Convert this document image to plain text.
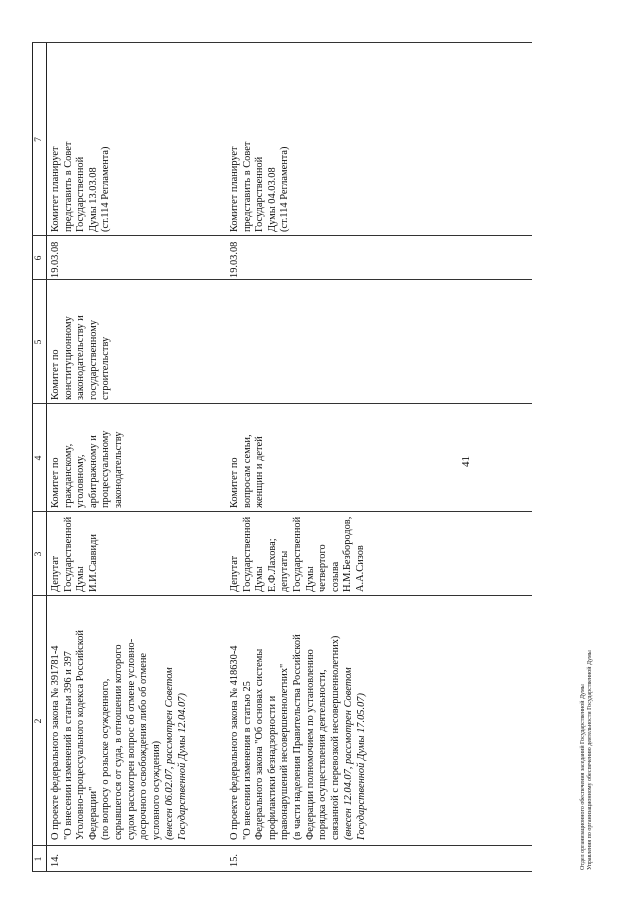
41
1
2
3
4
5
6
7
14.
О проекте федерального закона № 391781-4
"О внесении изменений в статьи 396 и 397
Уголовно-процессуального кодекса Российской
Федерации"
(по вопросу о розыске осужденного,
скрывшегося от суда, в отношении которого
судом рассмотрен вопрос об отмене условно-
досрочного освобождения либо об отмене
условного осуждения)
(внесен 06.02.07, рассмотрен Советом
Государственной Думы 12.04.07)
Депутат
Государственной
Думы
И.И.Саввиди
Комитет по
гражданскому,
уголовному,
арбитражному и
процессуальному
законодательству
Комитет по
конституционному
законодательству и
государственному
строительству
19.03.08
Комитет планирует
представить в Совет
Государственной
Думы 13.03.08
(ст.114 Регламента)
15.
О проекте федерального закона № 418630-4
"О внесении изменения в статью 25
Федерального закона "Об основах системы
профилактики безнадзорности и
правонарушений несовершеннолетних"
(в части наделения Правительства Российской
Федерации полномочием по установлению
порядка осуществления деятельности,
связанной с перевозкой несовершеннолетних)
(внесен 12.04.07, рассмотрен Советом
Государственной Думы 17.05.07)
Депутат
Государственной
Думы
Е.Ф.Лахова;
депутаты
Государственной
Думы
четвертого созыва
Н.М.Безбородов,
А.А.Сизов
Комитет по
вопросам семьи,
женщин и детей
19.03.08
Комитет планирует
представить в Совет
Государственной
Думы 04.03.08
(ст.114 Регламента)
Отдел организационного обеспечения заседаний Государственной Думы Управления по организационному обеспечению деятельности Государственной Думы
